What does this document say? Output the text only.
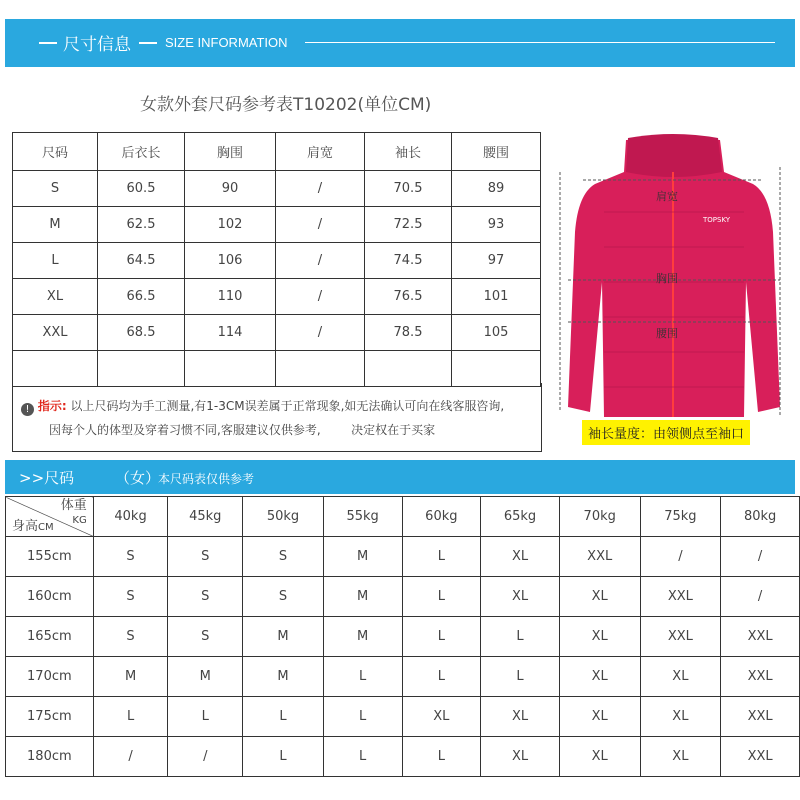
尺寸信息	SIZE INFORMATION
女款外套尺码参考表T10202(单位CM)
尺码	后衣长	胸围	肩宽	袖长	腰围
S	60.5	90	/	70.5	89
M	62.5	102	/	72.5	93
L	64.5	106	/	74.5	97
XL	66.5	110	/	76.5	101
XXL	68.5	114	/	78.5	105

! 指示: 以上尺码均为手工测量,有1-3CM误差属于正常现象,如无法确认可向在线客服咨询,
因每个人的体型及穿着习惯不同,客服建议仅供参考,        决定权在于买家
肩宽
胸围
腰围
TOPSKY
袖长量度：由领侧点至袖口
>>尺码	（女）
本尺码表仅供参考
体重
KG
身高CM	40kg	45kg	50kg	55kg	60kg	65kg	70kg	75kg	80kg
155cm	S	S	S	M	L	XL	XXL	/	/
160cm	S	S	S	M	L	XL	XL	XXL	/
165cm	S	S	M	M	L	L	XL	XXL	XXL
170cm	M	M	M	L	L	L	XL	XL	XXL
175cm	L	L	L	L	XL	XL	XL	XL	XXL
180cm	/	/	L	L	L	XL	XL	XL	XXL
